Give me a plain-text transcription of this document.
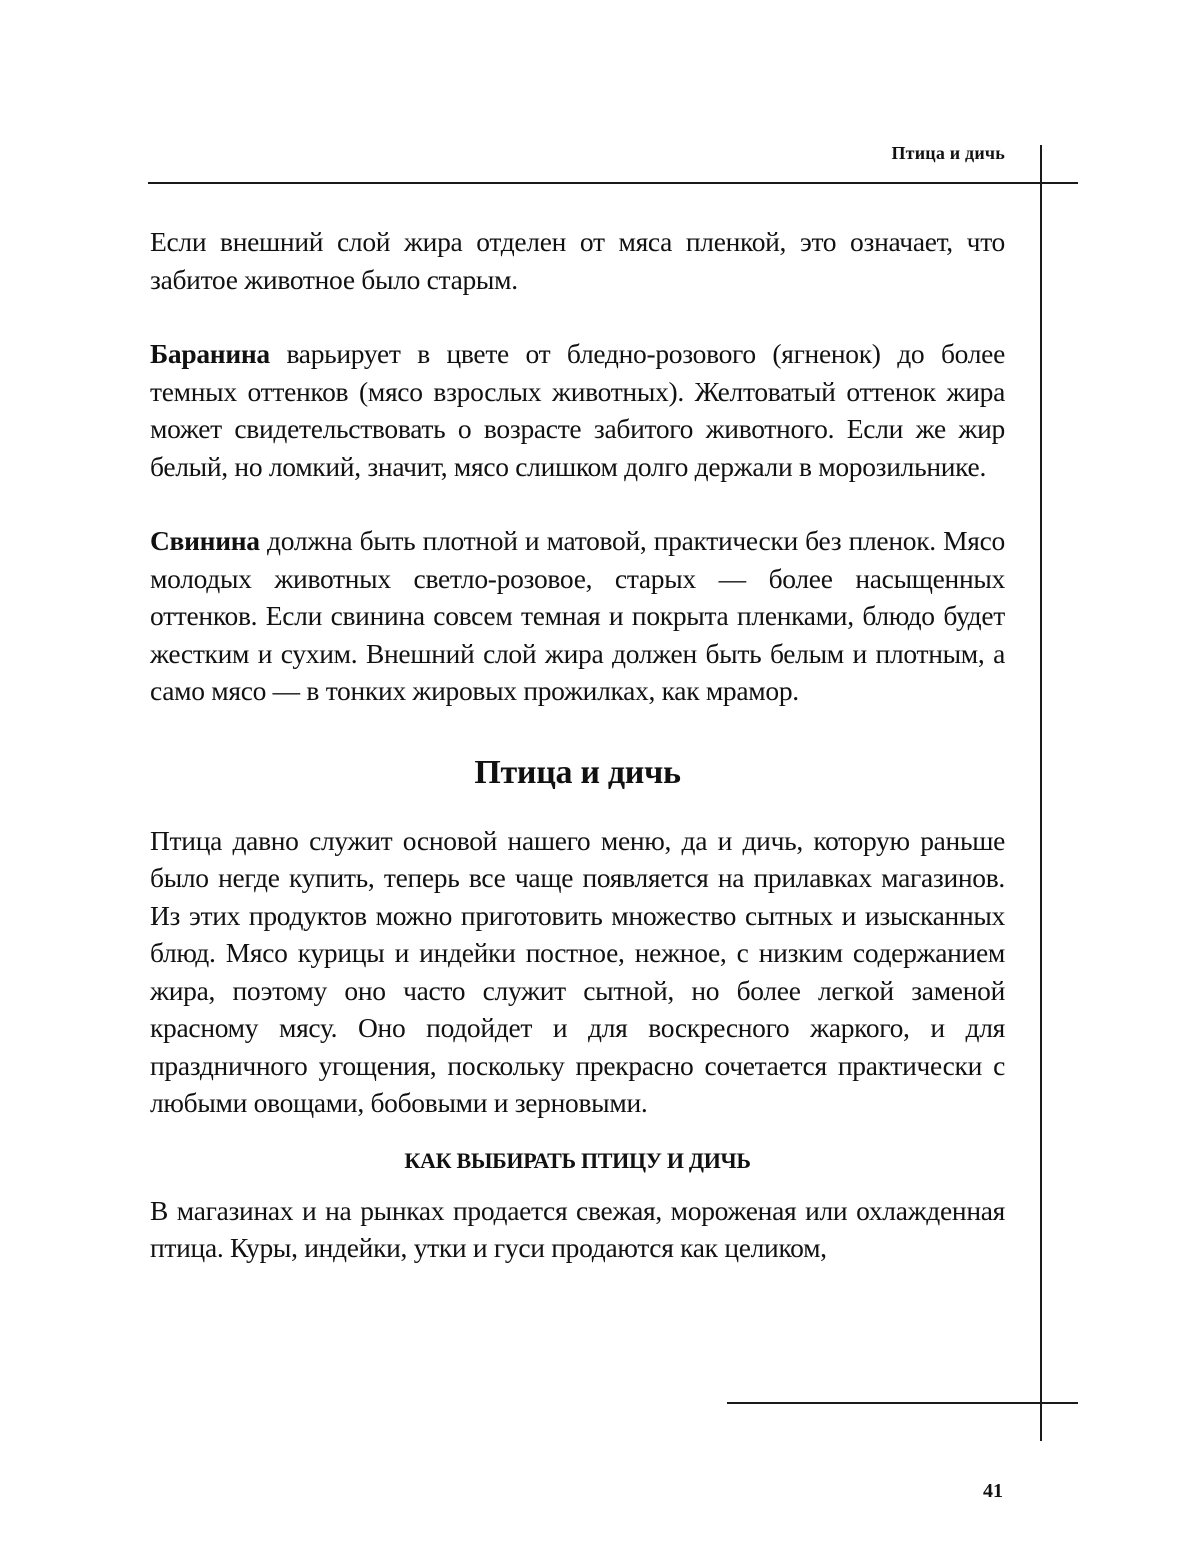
Птица и дичь

Если внешний слой жира отделен от мяса пленкой, это означает, что забитое животное было старым.

Баранина варьирует в цвете от бледно-розового (ягненок) до более темных оттенков (мясо взрослых животных). Желтоватый оттенок жира может свидетельствовать о возрасте забитого животного. Если же жир белый, но ломкий, значит, мясо слишком долго держали в морозильнике.

Свинина должна быть плотной и матовой, практически без пленок. Мясо молодых животных светло-розовое, старых — более насыщенных оттенков. Если свинина совсем темная и покрыта пленками, блюдо будет жестким и сухим. Внешний слой жира должен быть белым и плотным, а само мясо — в тонких жировых прожилках, как мрамор.

Птица и дичь

Птица давно служит основой нашего меню, да и дичь, которую раньше было негде купить, теперь все чаще появляется на прилавках магазинов. Из этих продуктов можно приготовить множество сытных и изысканных блюд. Мясо курицы и индейки постное, нежное, с низким содержанием жира, поэтому оно часто служит сытной, но более легкой заменой красному мясу. Оно подойдет и для воскресного жаркого, и для праздничного угощения, поскольку прекрасно сочетается практически с любыми овощами, бобовыми и зерновыми.

КАК ВЫБИРАТЬ ПТИЦУ И ДИЧЬ

В магазинах и на рынках продается свежая, мороженая или охлажденная птица. Куры, индейки, утки и гуси продаются как целиком,

41
